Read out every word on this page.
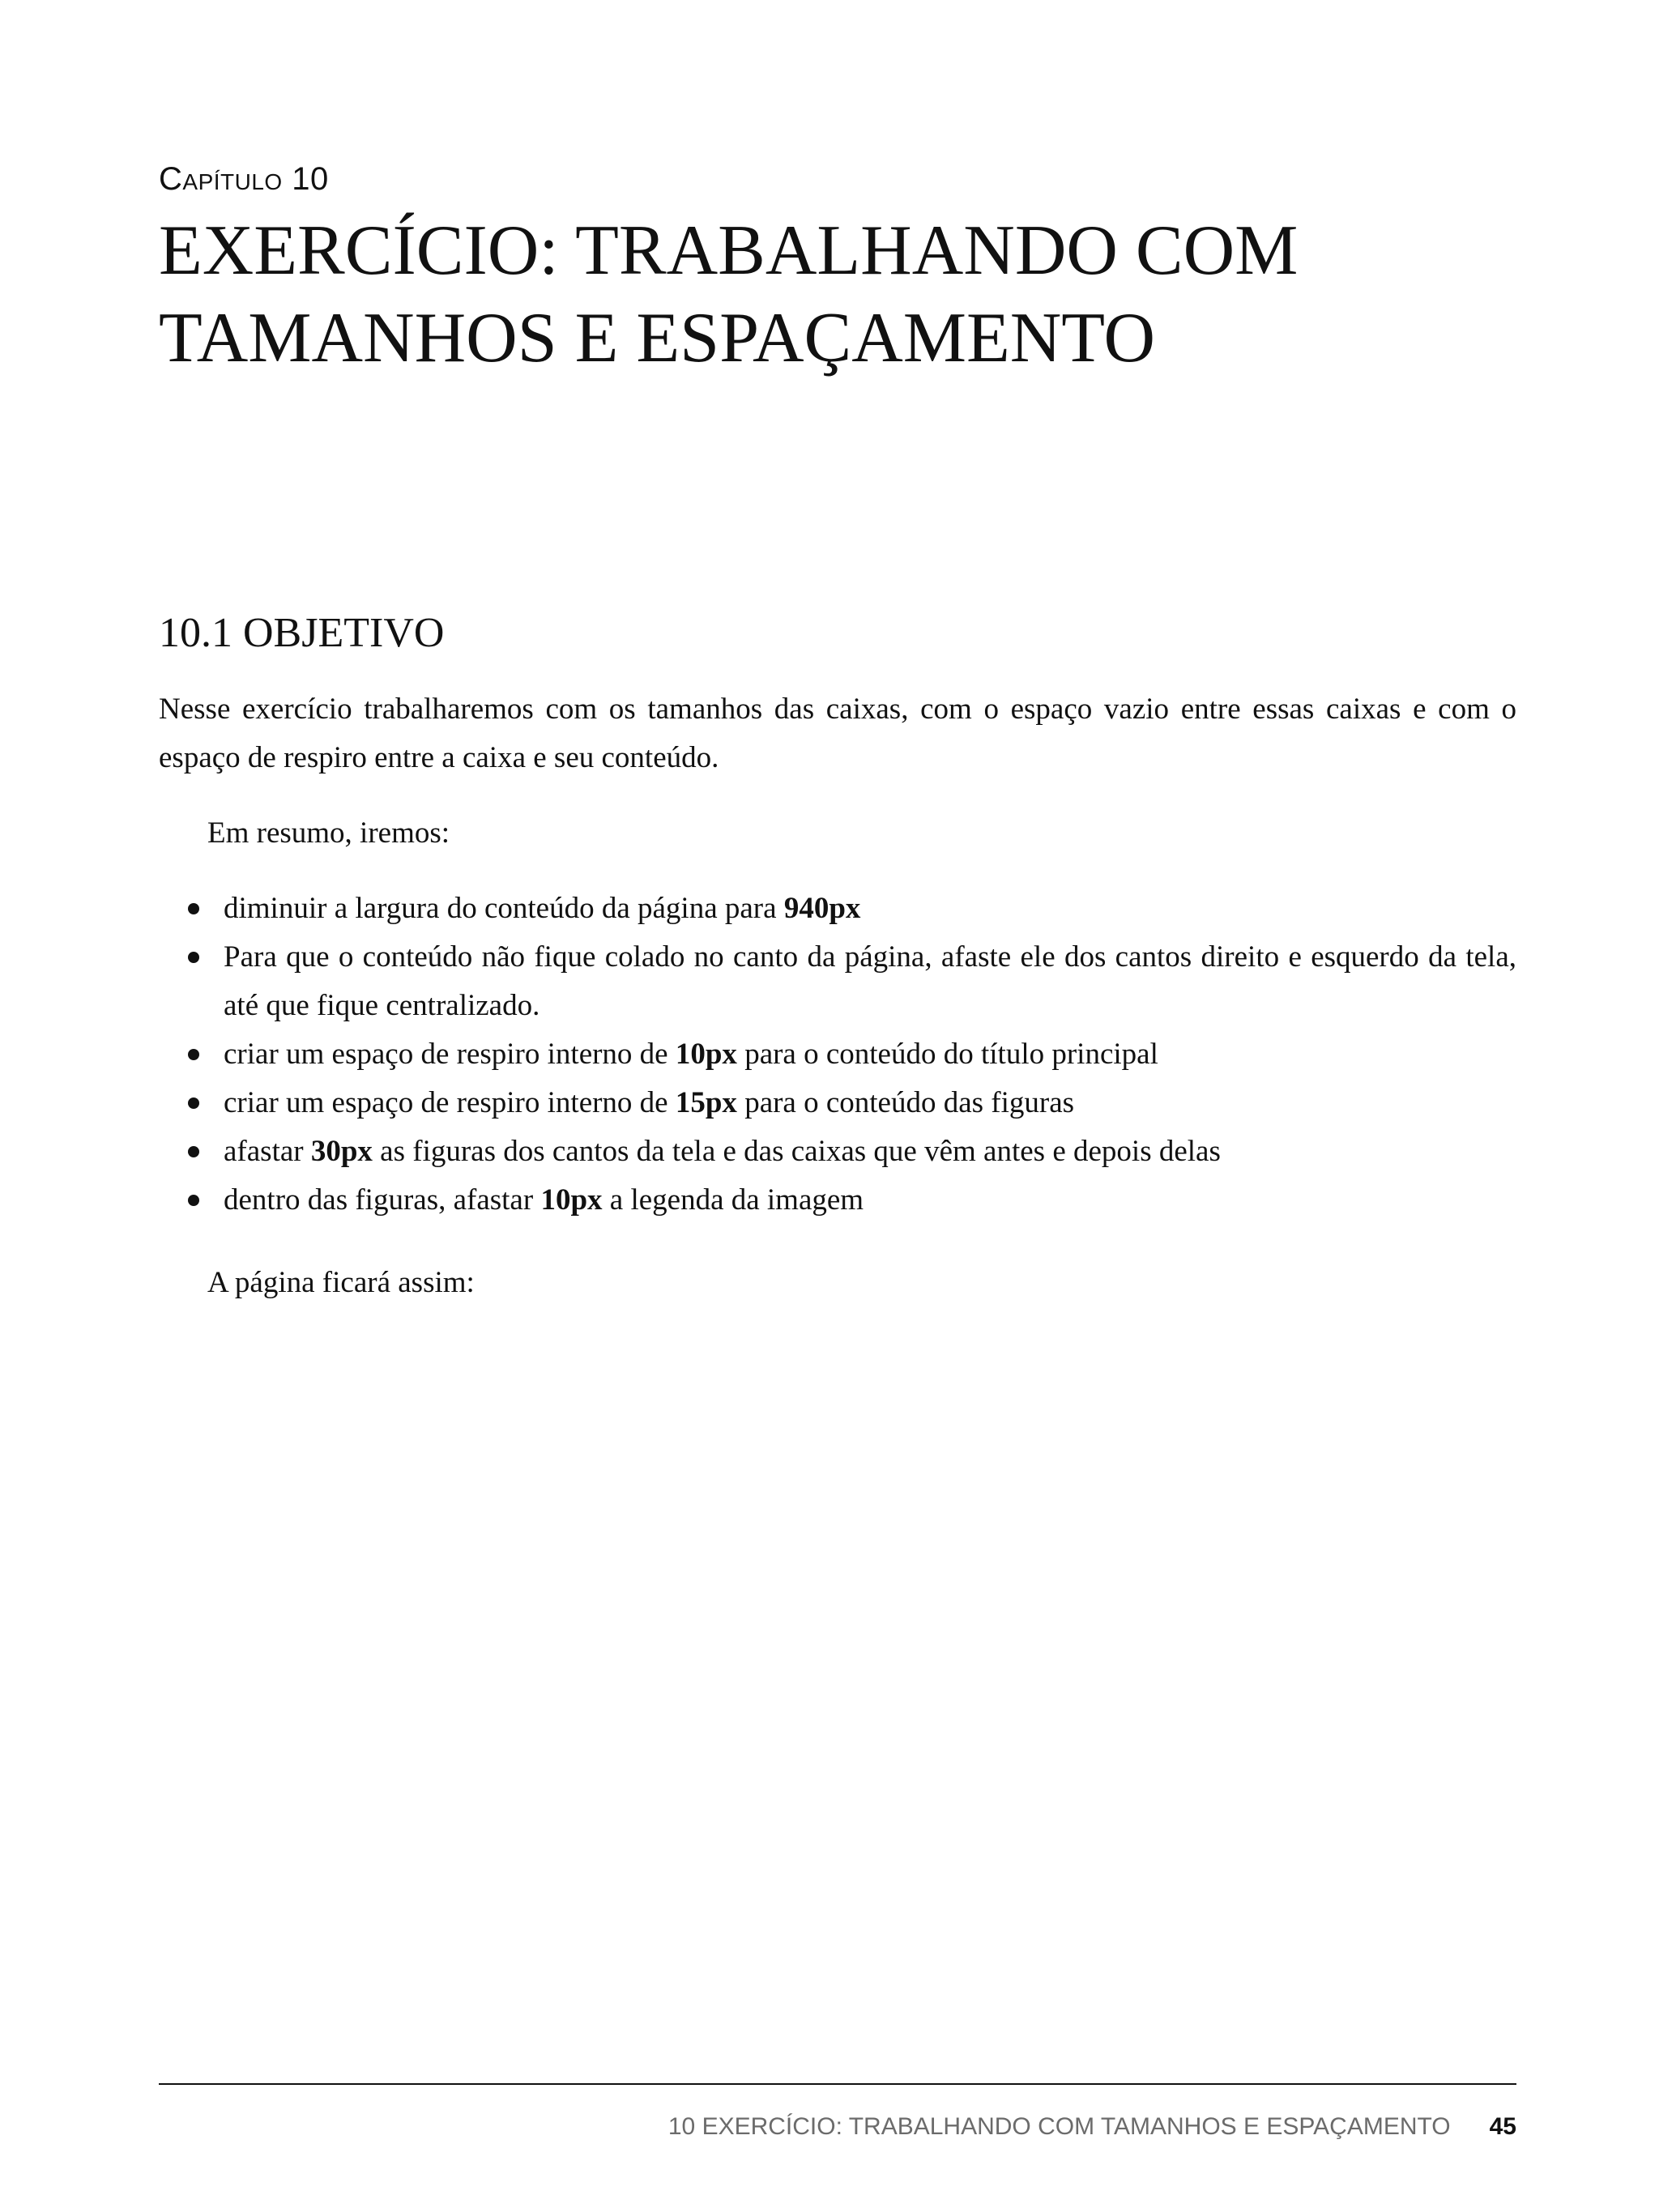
Capítulo 10
EXERCÍCIO: TRABALHANDO COM
TAMANHOS E ESPAÇAMENTO
10.1 OBJETIVO

Nesse exercício trabalharemos com os tamanhos das caixas, com o espaço vazio entre essas caixas e com o espaço de respiro entre a caixa e seu conteúdo.

Em resumo, iremos:

diminuir a largura do conteúdo da página para 940px
Para que o conteúdo não fique colado no canto da página, afaste ele dos cantos direito e esquerdo da tela, até que fique centralizado.
criar um espaço de respiro interno de 10px para o conteúdo do título principal
criar um espaço de respiro interno de 15px para o conteúdo das figuras
afastar 30px as figuras dos cantos da tela e das caixas que vêm antes e depois delas
dentro das figuras, afastar 10px a legenda da imagem

A página ficará assim:

10 EXERCÍCIO: TRABALHANDO COM TAMANHOS E ESPAÇAMENTO 45
